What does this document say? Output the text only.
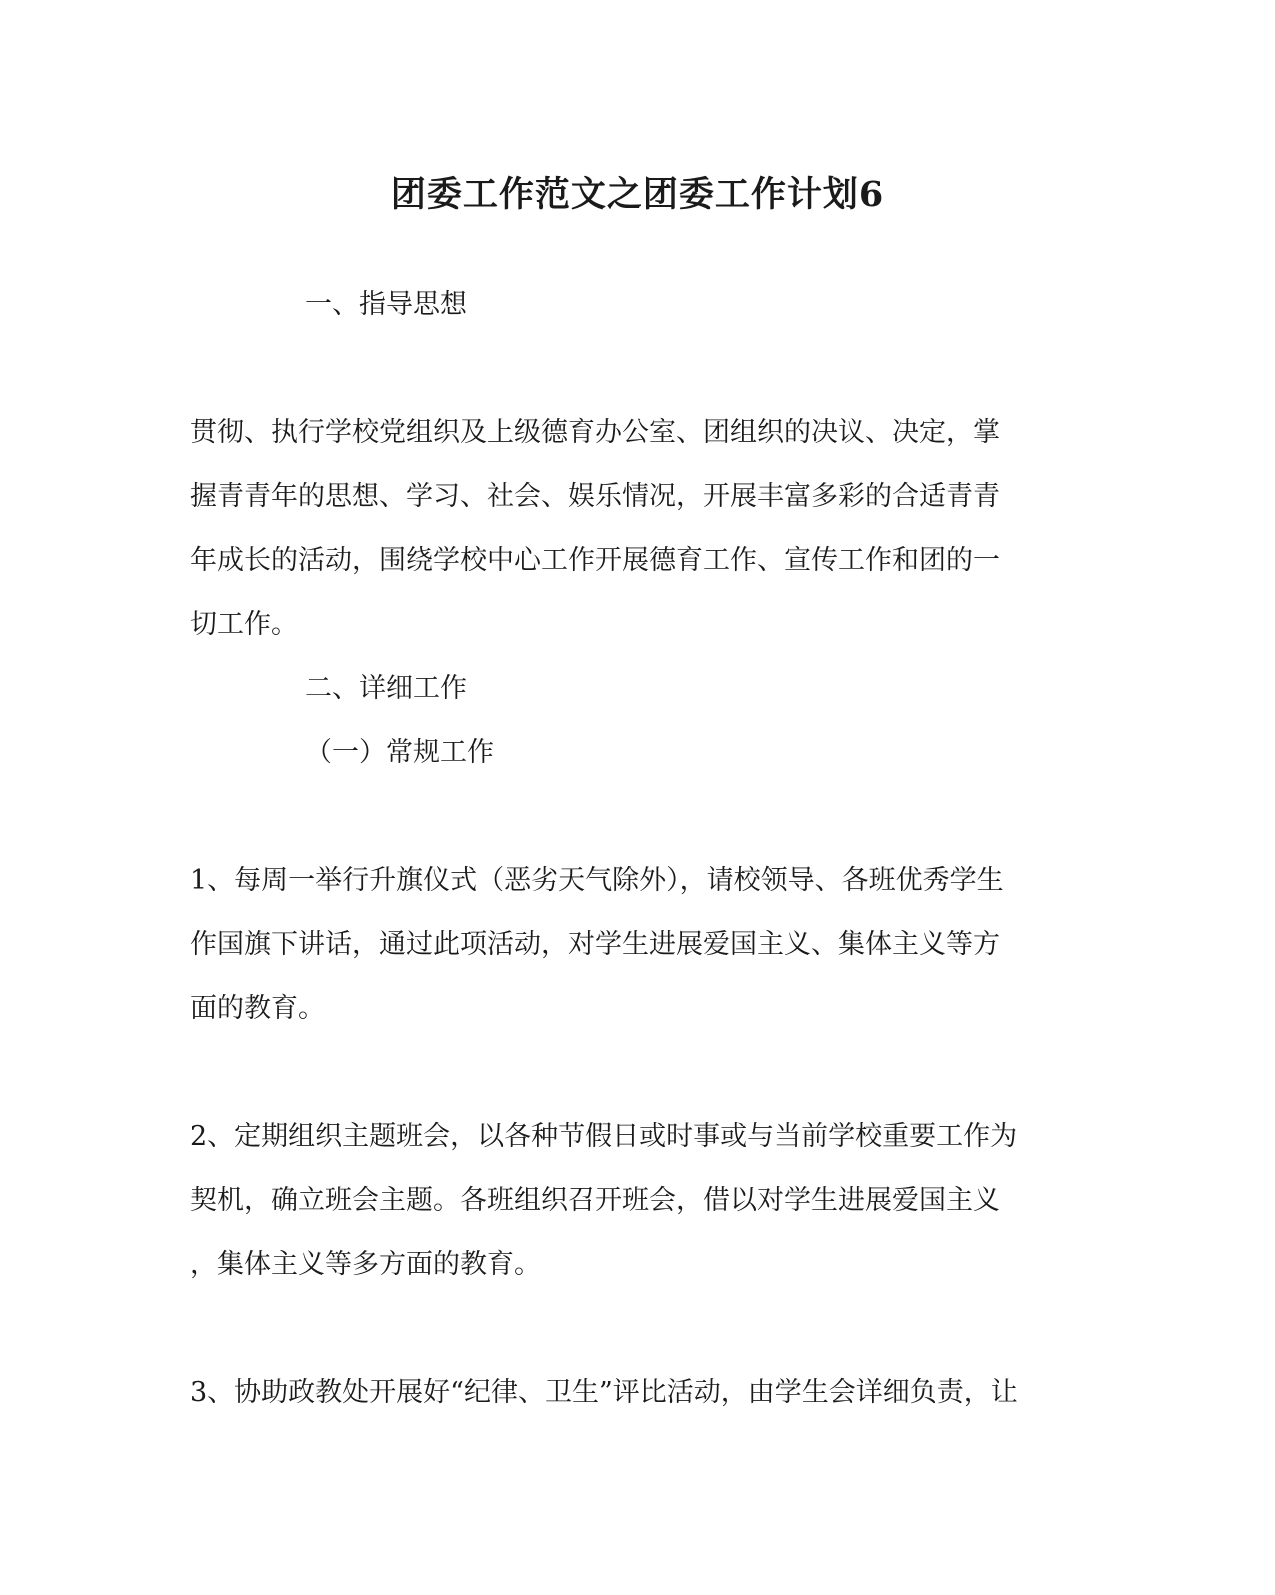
团委工作范文之团委工作计划6
一、指导思想
贯彻、执行学校党组织及上级德育办公室、团组织的决议、决定，掌
握青青年的思想、学习、社会、娱乐情况，开展丰富多彩的合适青青
年成长的活动，围绕学校中心工作开展德育工作、宣传工作和团的一
切工作。
二、详细工作
（一）常规工作
1、每周一举行升旗仪式（恶劣天气除外），请校领导、各班优秀学生
作国旗下讲话，通过此项活动，对学生进展爱国主义、集体主义等方
面的教育。
2、定期组织主题班会，以各种节假日或时事或与当前学校重要工作为
契机，确立班会主题。各班组织召开班会，借以对学生进展爱国主义
，集体主义等多方面的教育。
3、协助政教处开展好“纪律、卫生”评比活动，由学生会详细负责，让
